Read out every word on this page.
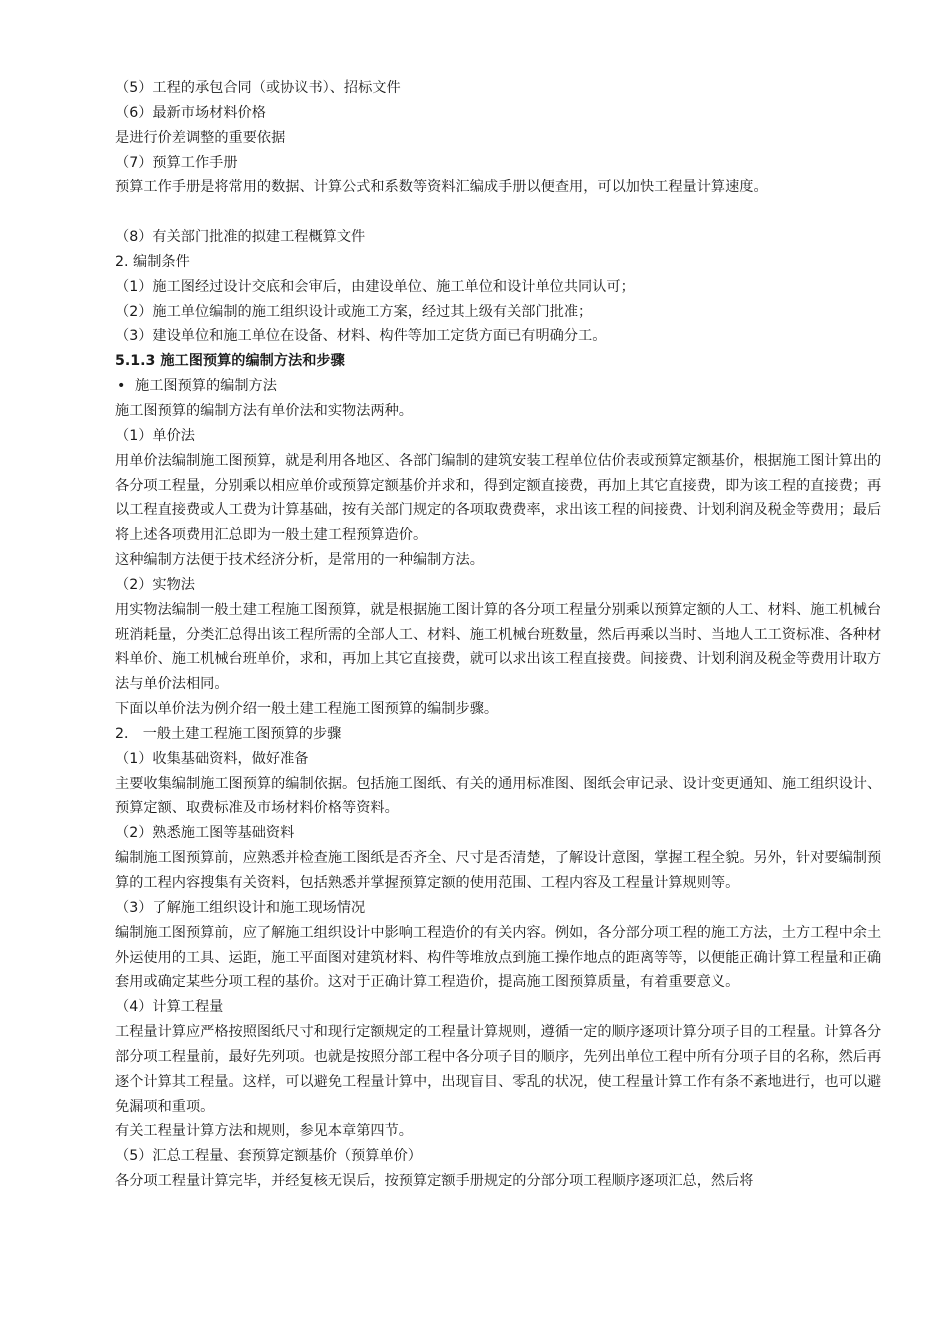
（5）工程的承包合同（或协议书）、招标文件

（6）最新市场材料价格

是进行价差调整的重要依据

（7）预算工作手册

预算工作手册是将常用的数据、计算公式和系数等资料汇编成手册以便查用，可以加快工程量计算速度。

（8）有关部门批准的拟建工程概算文件

2. 编制条件

（1）施工图经过设计交底和会审后，由建设单位、施工单位和设计单位共同认可；

（2）施工单位编制的施工组织设计或施工方案，经过其上级有关部门批准；

（3）建设单位和施工单位在设备、材料、构件等加工定货方面已有明确分工。

5.1.3 施工图预算的编制方法和步骤

• 施工图预算的编制方法

施工图预算的编制方法有单价法和实物法两种。

（1）单价法

用单价法编制施工图预算，就是利用各地区、各部门编制的建筑安装工程单位估价表或预算定额基价，根据施工图计算出的各分项工程量，分别乘以相应单价或预算定额基价并求和，得到定额直接费，再加上其它直接费，即为该工程的直接费；再以工程直接费或人工费为计算基础，按有关部门规定的各项取费费率，求出该工程的间接费、计划利润及税金等费用；最后将上述各项费用汇总即为一般土建工程预算造价。

这种编制方法便于技术经济分析，是常用的一种编制方法。

（2）实物法

用实物法编制一般土建工程施工图预算，就是根据施工图计算的各分项工程量分别乘以预算定额的人工、材料、施工机械台班消耗量，分类汇总得出该工程所需的全部人工、材料、施工机械台班数量，然后再乘以当时、当地人工工资标准、各种材料单价、施工机械台班单价，求和，再加上其它直接费，就可以求出该工程直接费。间接费、计划利润及税金等费用计取方法与单价法相同。

下面以单价法为例介绍一般土建工程施工图预算的编制步骤。

2． 一般土建工程施工图预算的步骤

（1）收集基础资料，做好准备

主要收集编制施工图预算的编制依据。包括施工图纸、有关的通用标准图、图纸会审记录、设计变更通知、施工组织设计、预算定额、取费标准及市场材料价格等资料。

（2）熟悉施工图等基础资料

编制施工图预算前，应熟悉并检查施工图纸是否齐全、尺寸是否清楚，了解设计意图，掌握工程全貌。另外，针对要编制预算的工程内容搜集有关资料，包括熟悉并掌握预算定额的使用范围、工程内容及工程量计算规则等。

（3）了解施工组织设计和施工现场情况

编制施工图预算前，应了解施工组织设计中影响工程造价的有关内容。例如，各分部分项工程的施工方法，土方工程中余土外运使用的工具、运距，施工平面图对建筑材料、构件等堆放点到施工操作地点的距离等等，以便能正确计算工程量和正确套用或确定某些分项工程的基价。这对于正确计算工程造价，提高施工图预算质量，有着重要意义。

（4）计算工程量

工程量计算应严格按照图纸尺寸和现行定额规定的工程量计算规则，遵循一定的顺序逐项计算分项子目的工程量。计算各分部分项工程量前，最好先列项。也就是按照分部工程中各分项子目的顺序，先列出单位工程中所有分项子目的名称，然后再逐个计算其工程量。这样，可以避免工程量计算中，出现盲目、零乱的状况，使工程量计算工作有条不紊地进行，也可以避免漏项和重项。

有关工程量计算方法和规则，参见本章第四节。

（5）汇总工程量、套预算定额基价（预算单价）

各分项工程量计算完毕，并经复核无误后，按预算定额手册规定的分部分项工程顺序逐项汇总，然后将
